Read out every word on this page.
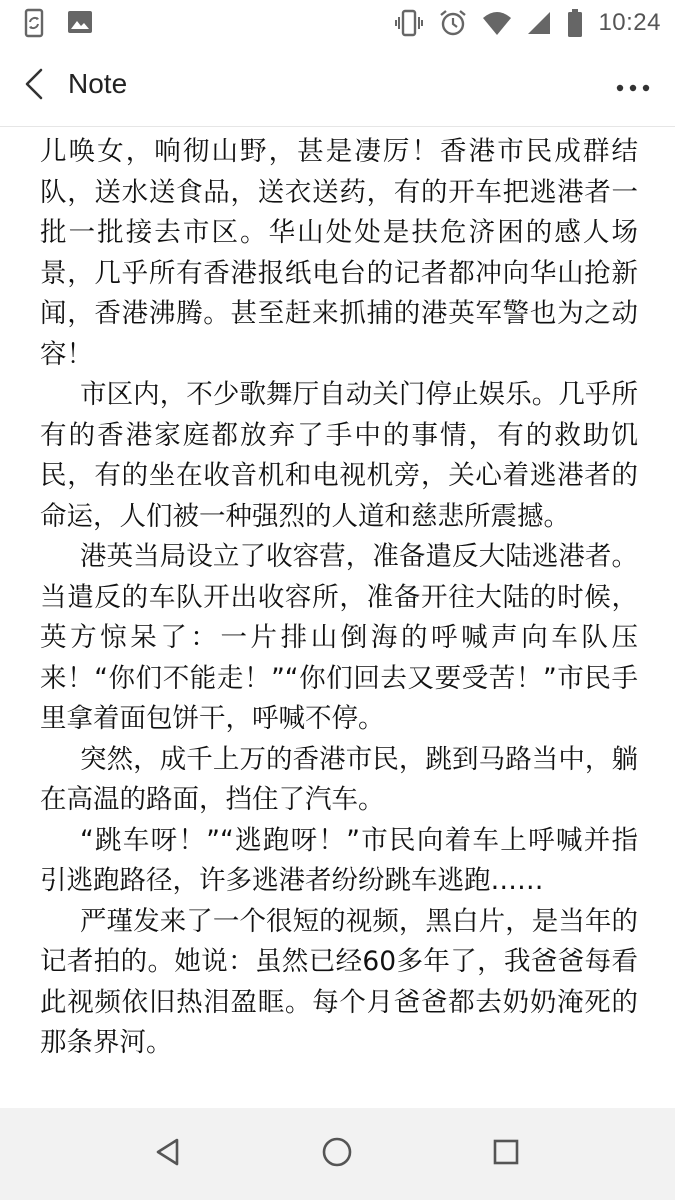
10:24
Note

儿唤女，响彻山野，甚是凄厉！香港市民成群结队，送水送食品，送衣送药，有的开车把逃港者一批一批接去市区。华山处处是扶危济困的感人场景，几乎所有香港报纸电台的记者都冲向华山抢新闻，香港沸腾。甚至赶来抓捕的港英军警也为之动容！

市区内，不少歌舞厅自动关门停止娱乐。几乎所有的香港家庭都放弃了手中的事情，有的救助饥民，有的坐在收音机和电视机旁，关心着逃港者的命运，人们被一种强烈的人道和慈悲所震撼。

港英当局设立了收容营，准备遣反大陆逃港者。当遣反的车队开出收容所，准备开往大陆的时候，英方惊呆了：一片排山倒海的呼喊声向车队压来！“你们不能走！”“你们回去又要受苦！”市民手里拿着面包饼干，呼喊不停。

突然，成千上万的香港市民，跳到马路当中，躺在高温的路面，挡住了汽车。

“跳车呀！”“逃跑呀！”市民向着车上呼喊并指引逃跑路径，许多逃港者纷纷跳车逃跑……

严瑾发来了一个很短的视频，黑白片，是当年的记者拍的。她说：虽然已经60多年了，我爸爸每看此视频依旧热泪盈眶。每个月爸爸都去奶奶淹死的那条界河。
